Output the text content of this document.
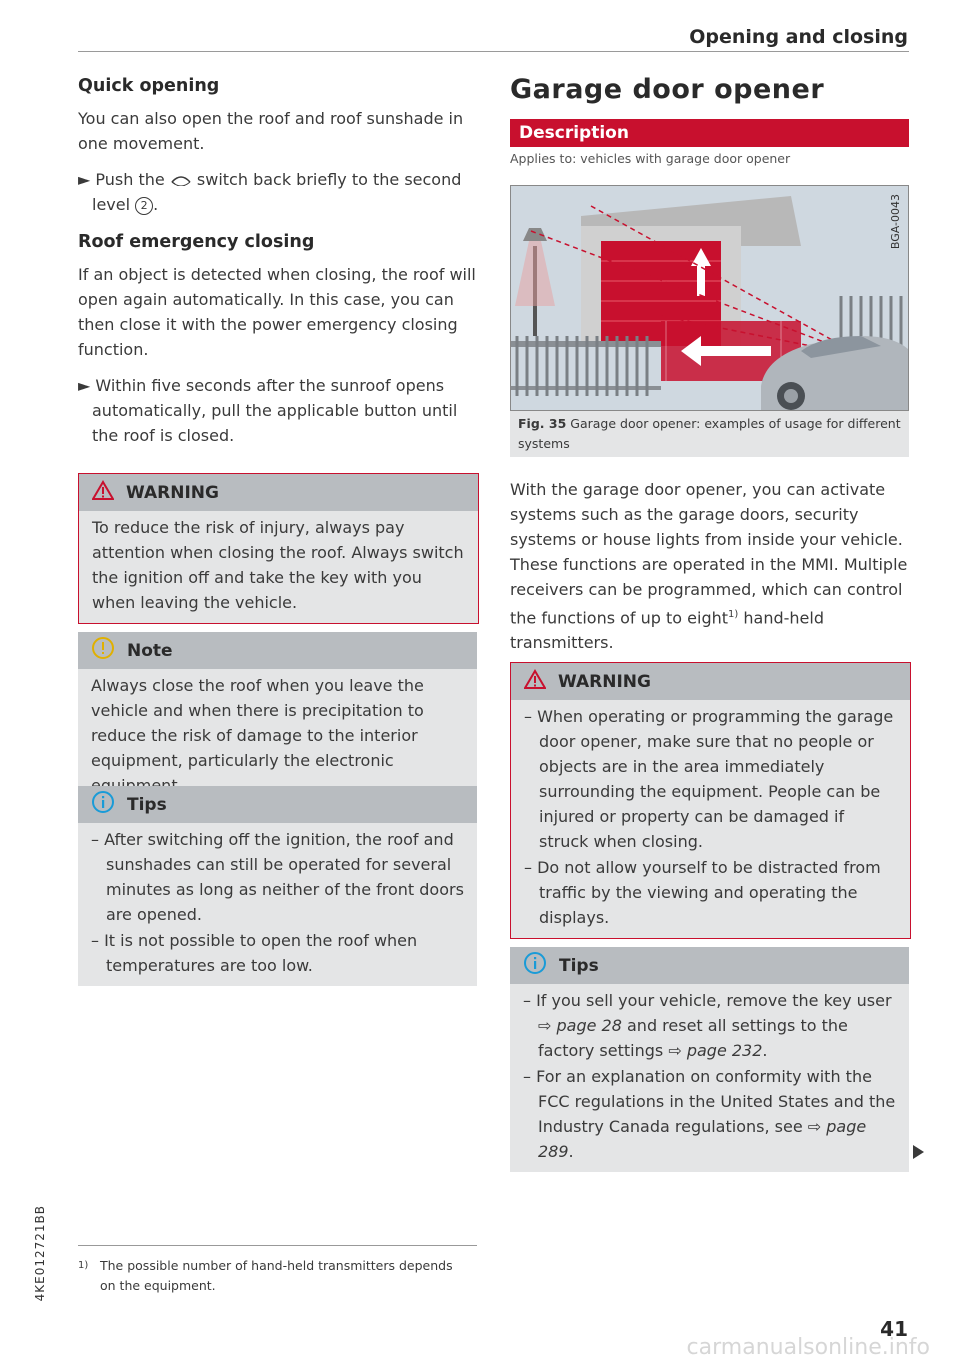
Opening and closing
Quick opening
You can also open the roof and roof sunshade in one movement.
► Push the switch back briefly to the second level 2 .
Roof emergency closing
If an object is detected when closing, the roof will open again automatically. In this case, you can then close it with the power emergency closing function.
► Within five seconds after the sunroof opens automatically, pull the applicable button until the roof is closed.
WARNING
To reduce the risk of injury, always pay attention when closing the roof. Always switch the ignition off and take the key with you when leaving the vehicle.
Note
Always close the roof when you leave the vehicle and when there is precipitation to reduce the risk of damage to the interior equipment, particularly the electronic
Tips
– After switching off the ignition, the roof and sunshades can still be operated for several minutes as long as neither of the front doors are opened.
– It is not possible to open the roof when temperatures are too low.
Garage door opener
Description
Applies to: vehicles with garage door opener
BGA-0043
Fig. 35 Garage door opener: examples of usage for different systems
With the garage door opener, you can activate systems such as the garage doors, security systems or house lights from inside your vehicle. These functions are operated in the MMI. Multiple receivers can be programmed, which can control the functions of up to eight$^{1)}$ hand-held transmitters.
WARNING
– When operating or programming the garage door opener, make sure that no people or objects are in the area immediately surrounding the equipment. People can be injured or property can be damaged if struck when closing.
– Do not allow yourself to be distracted from traffic by the viewing and operating the displays.
Tips
– If you sell your vehicle, remove the key user ⇨ page 28 and reset all settings to the factory settings ⇨ page 232.
– For an explanation on conformity with the FCC regulations in the United States and the Industry Canada regulations, see ⇨ page 289.
1) The possible number of hand-held transmitters depends on the equipment.
4KE012721BB
41
carmanualsonline.info
